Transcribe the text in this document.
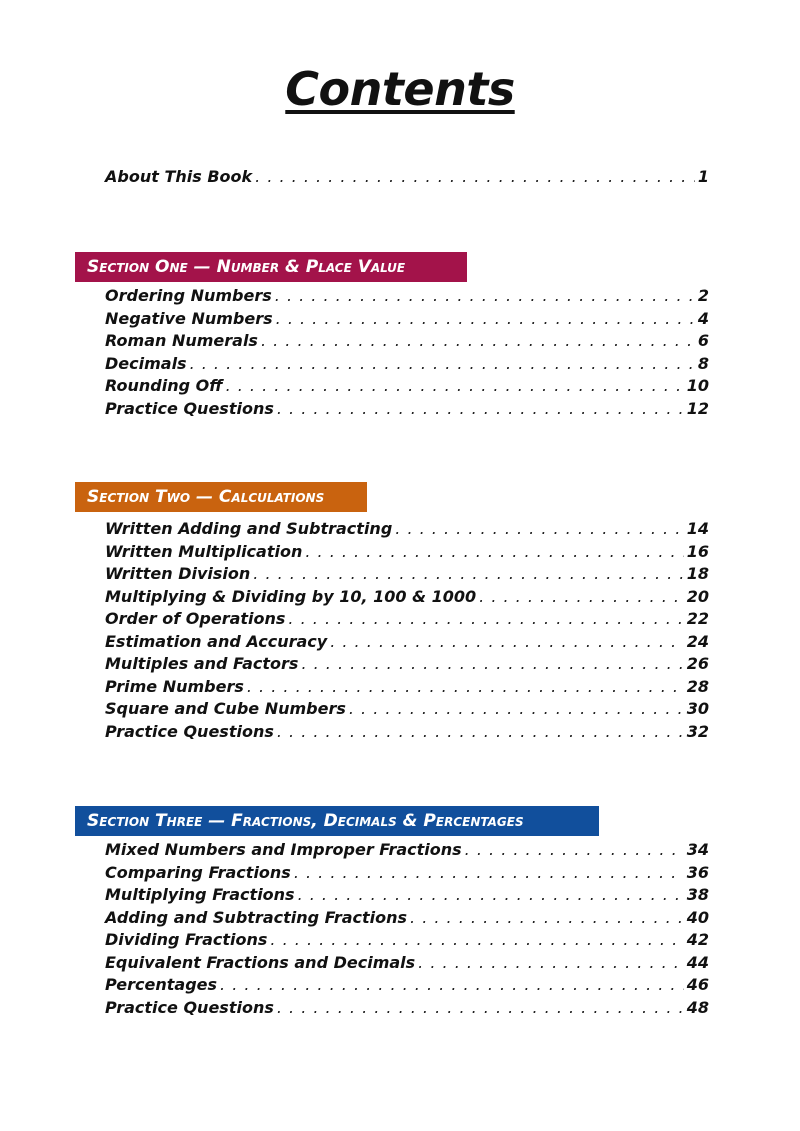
Contents
About This Book . . .	1
Section One — Number & Place Value
Ordering Numbers . . .	2
Negative Numbers . . .	4
Roman Numerals . . .	6
Decimals . . .	8
Rounding Off . . .	10
Practice Questions . . .	12
Section Two — Calculations
Written Adding and Subtracting . . .	14
Written Multiplication . . .	16
Written Division . . .	18
Multiplying & Dividing by 10, 100 & 1000 . . .	20
Order of Operations . . .	22
Estimation and Accuracy . . .	24
Multiples and Factors . . .	26
Prime Numbers . . .	28
Square and Cube Numbers . . .	30
Practice Questions . . .	32
Section Three — Fractions, Decimals & Percentages
Mixed Numbers and Improper Fractions . . .	34
Comparing Fractions . . .	36
Multiplying Fractions . . .	38
Adding and Subtracting Fractions . . .	40
Dividing Fractions . . .	42
Equivalent Fractions and Decimals . . .	44
Percentages . . .	46
Practice Questions . . .	48
